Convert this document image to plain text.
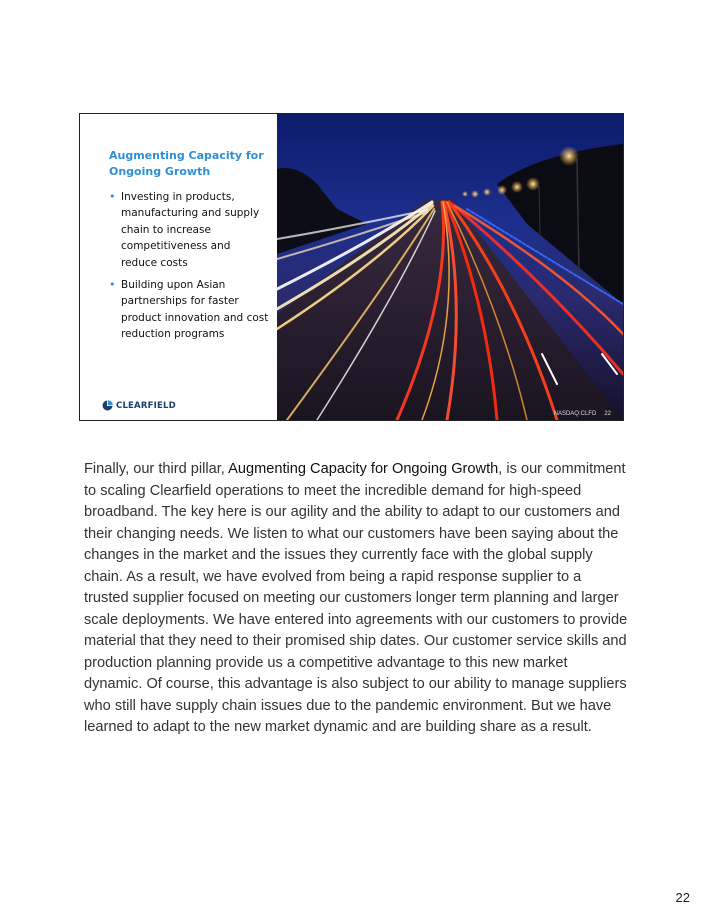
Augmenting Capacity for Ongoing Growth
• Investing in products, manufacturing and supply chain to increase competitiveness and reduce costs
• Building upon Asian partnerships for faster product innovation and cost reduction programs
CLEARFIELD
NASDAQ:CLFD 22
Finally, our third pillar, Augmenting Capacity for Ongoing Growth, is our commitment to scaling Clearfield operations to meet the incredible demand for high-speed broadband. The key here is our agility and the ability to adapt to our customers and their changing needs. We listen to what our customers have been saying about the changes in the market and the issues they currently face with the global supply chain. As a result, we have evolved from being a rapid response supplier to a trusted supplier focused on meeting our customers longer term planning and larger scale deployments. We have entered into agreements with our customers to provide material that they need to their promised ship dates. Our customer service skills and production planning provide us a competitive advantage to this new market dynamic. Of course, this advantage is also subject to our ability to manage suppliers who still have supply chain issues due to the pandemic environment. But we have learned to adapt to the new market dynamic and are building share as a result.
22
